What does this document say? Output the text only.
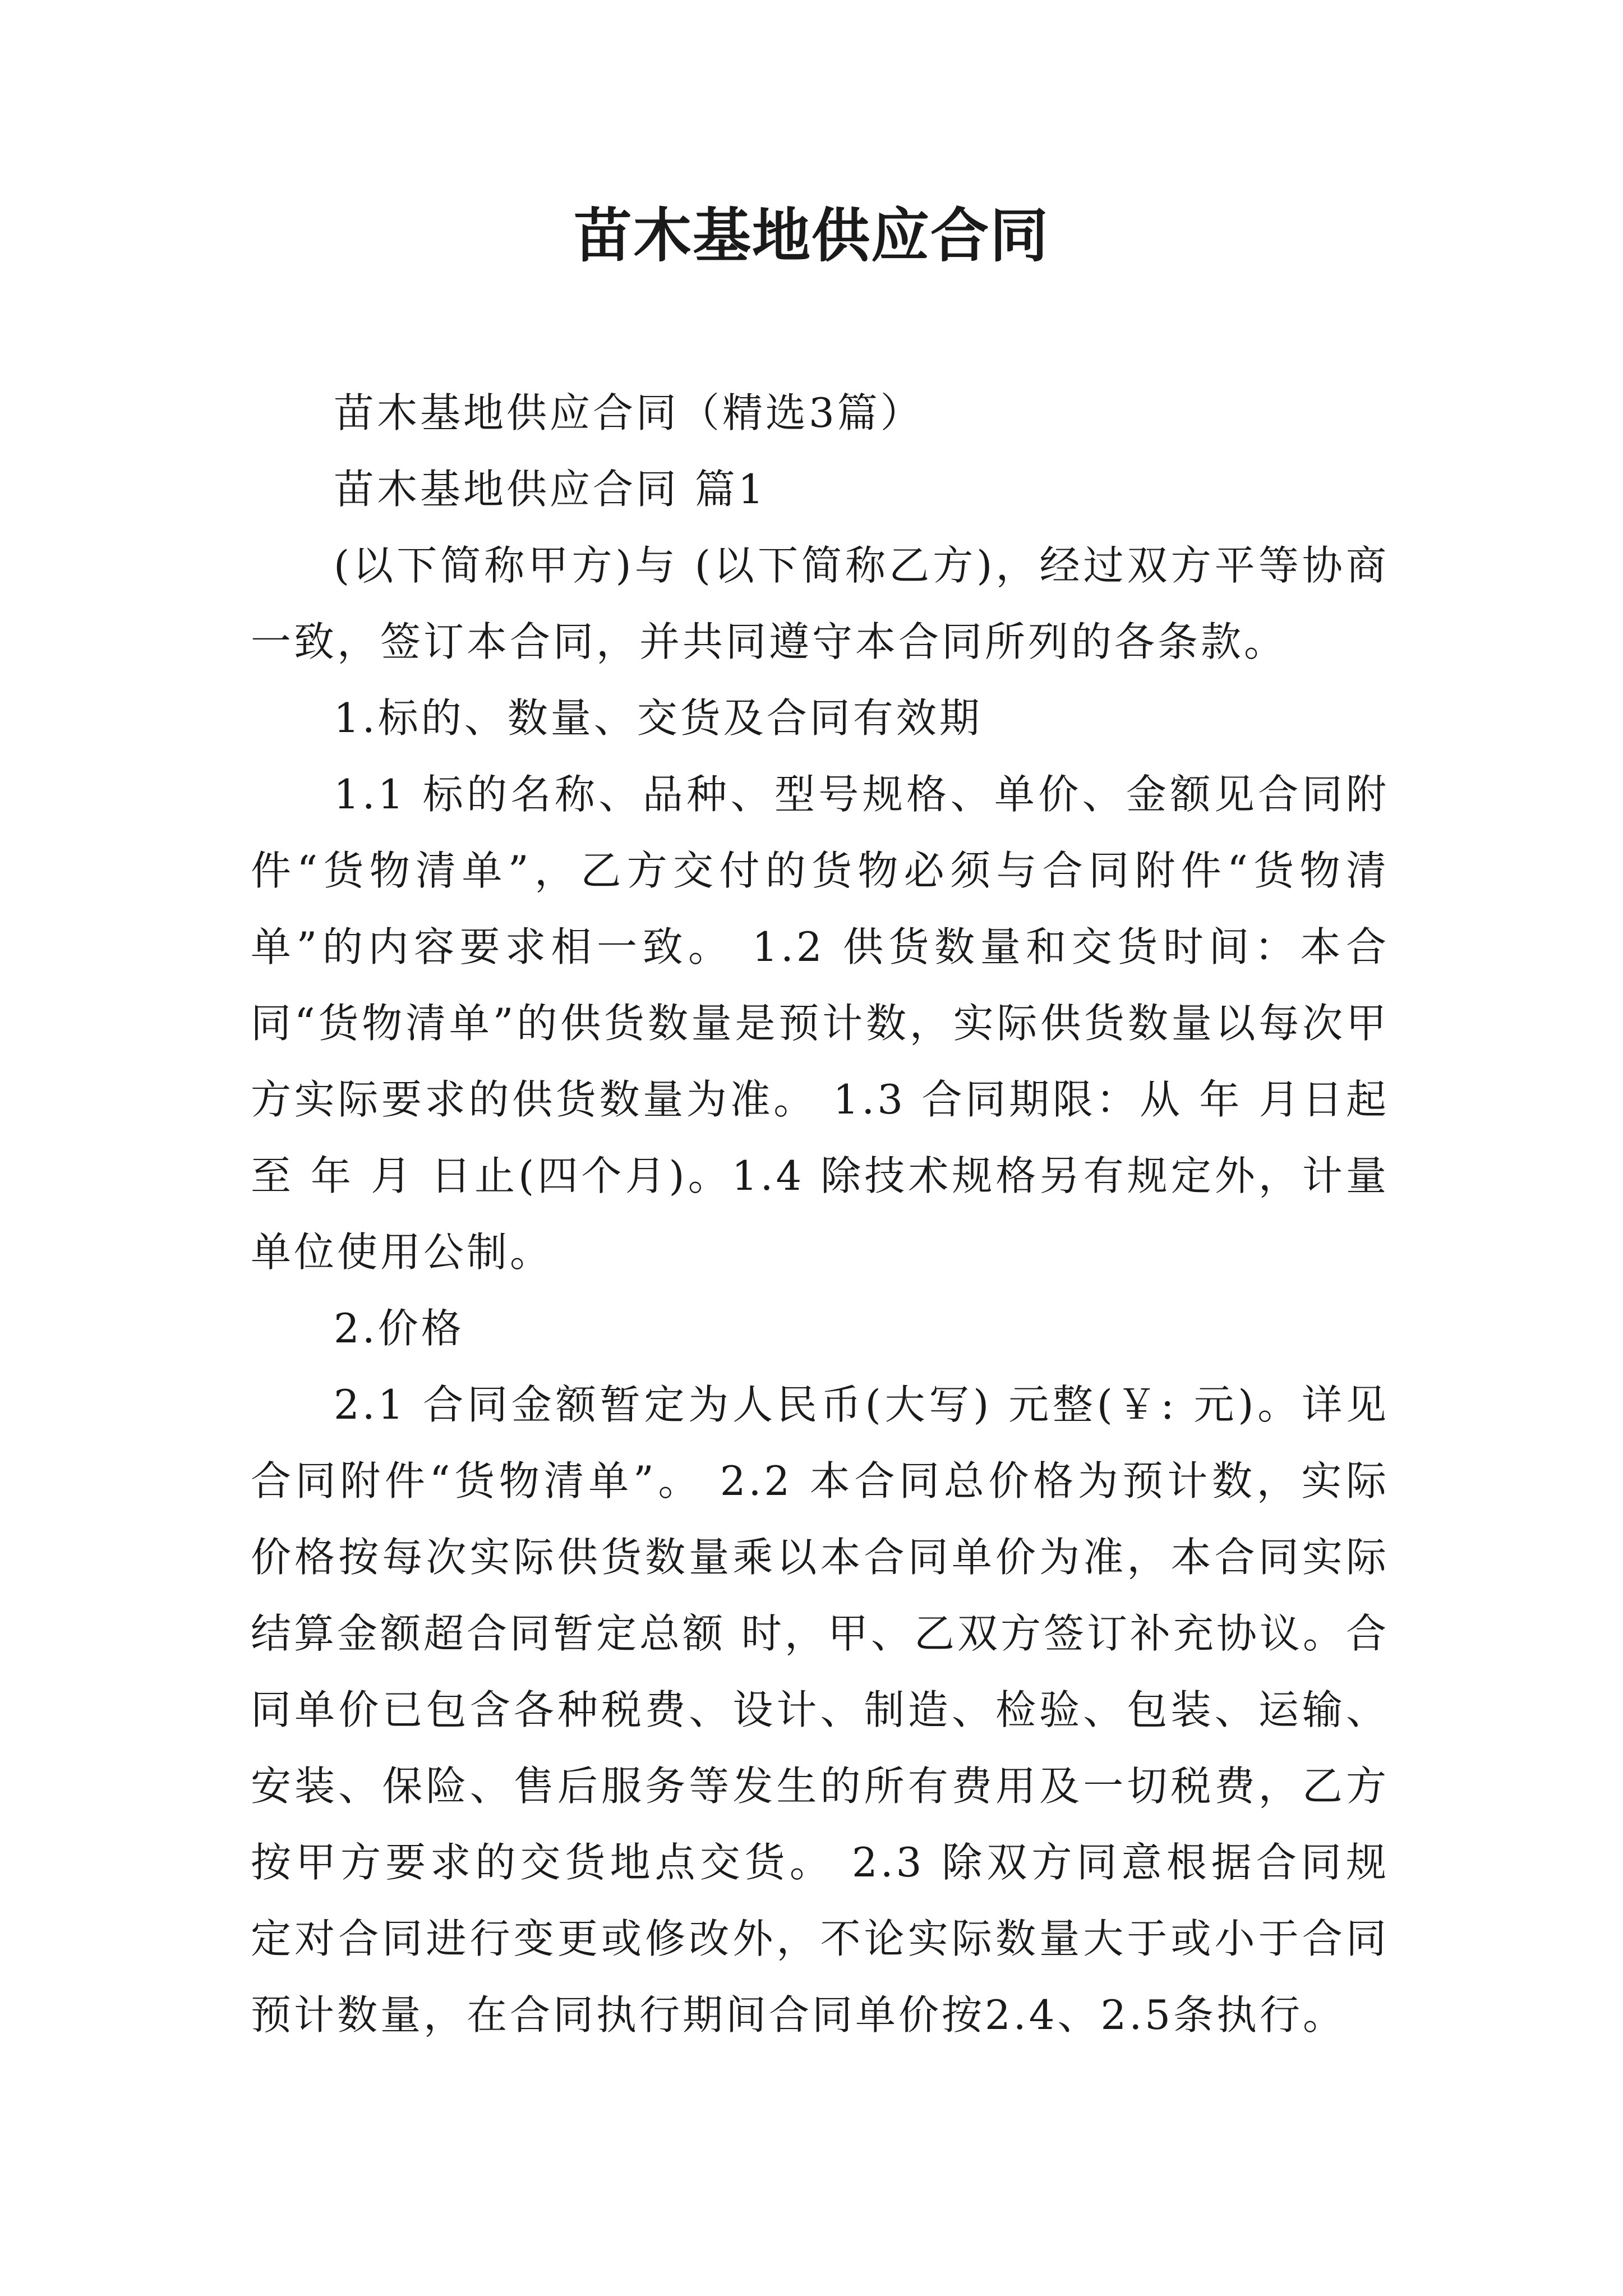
苗木基地供应合同

苗木基地供应合同（精选3篇）

苗木基地供应合同 篇1

(以下简称甲方)与 (以下简称乙方)，经过双方平等协商一致，签订本合同，并共同遵守本合同所列的各条款。

1.标的、数量、交货及合同有效期

1.1 标的名称、品种、型号规格、单价、金额见合同附件“货物清单”，乙方交付的货物必须与合同附件“货物清单”的内容要求相一致。 1.2 供货数量和交货时间：本合同“货物清单”的供货数量是预计数，实际供货数量以每次甲方实际要求的供货数量为准。 1.3 合同期限：从 年 月日起至 年 月 日止(四个月)。1.4 除技术规格另有规定外，计量单位使用公制。

2.价格

2.1 合同金额暂定为人民币(大写) 元整(￥: 元)。详见合同附件“货物清单”。 2.2 本合同总价格为预计数，实际价格按每次实际供货数量乘以本合同单价为准，本合同实际结算金额超合同暂定总额 时，甲、乙双方签订补充协议。合同单价已包含各种税费、设计、制造、检验、包装、运输、安装、保险、售后服务等发生的所有费用及一切税费，乙方按甲方要求的交货地点交货。 2.3 除双方同意根据合同规定对合同进行变更或修改外，不论实际数量大于或小于合同预计数量，在合同执行期间合同单价按2.4、2.5条执行。
